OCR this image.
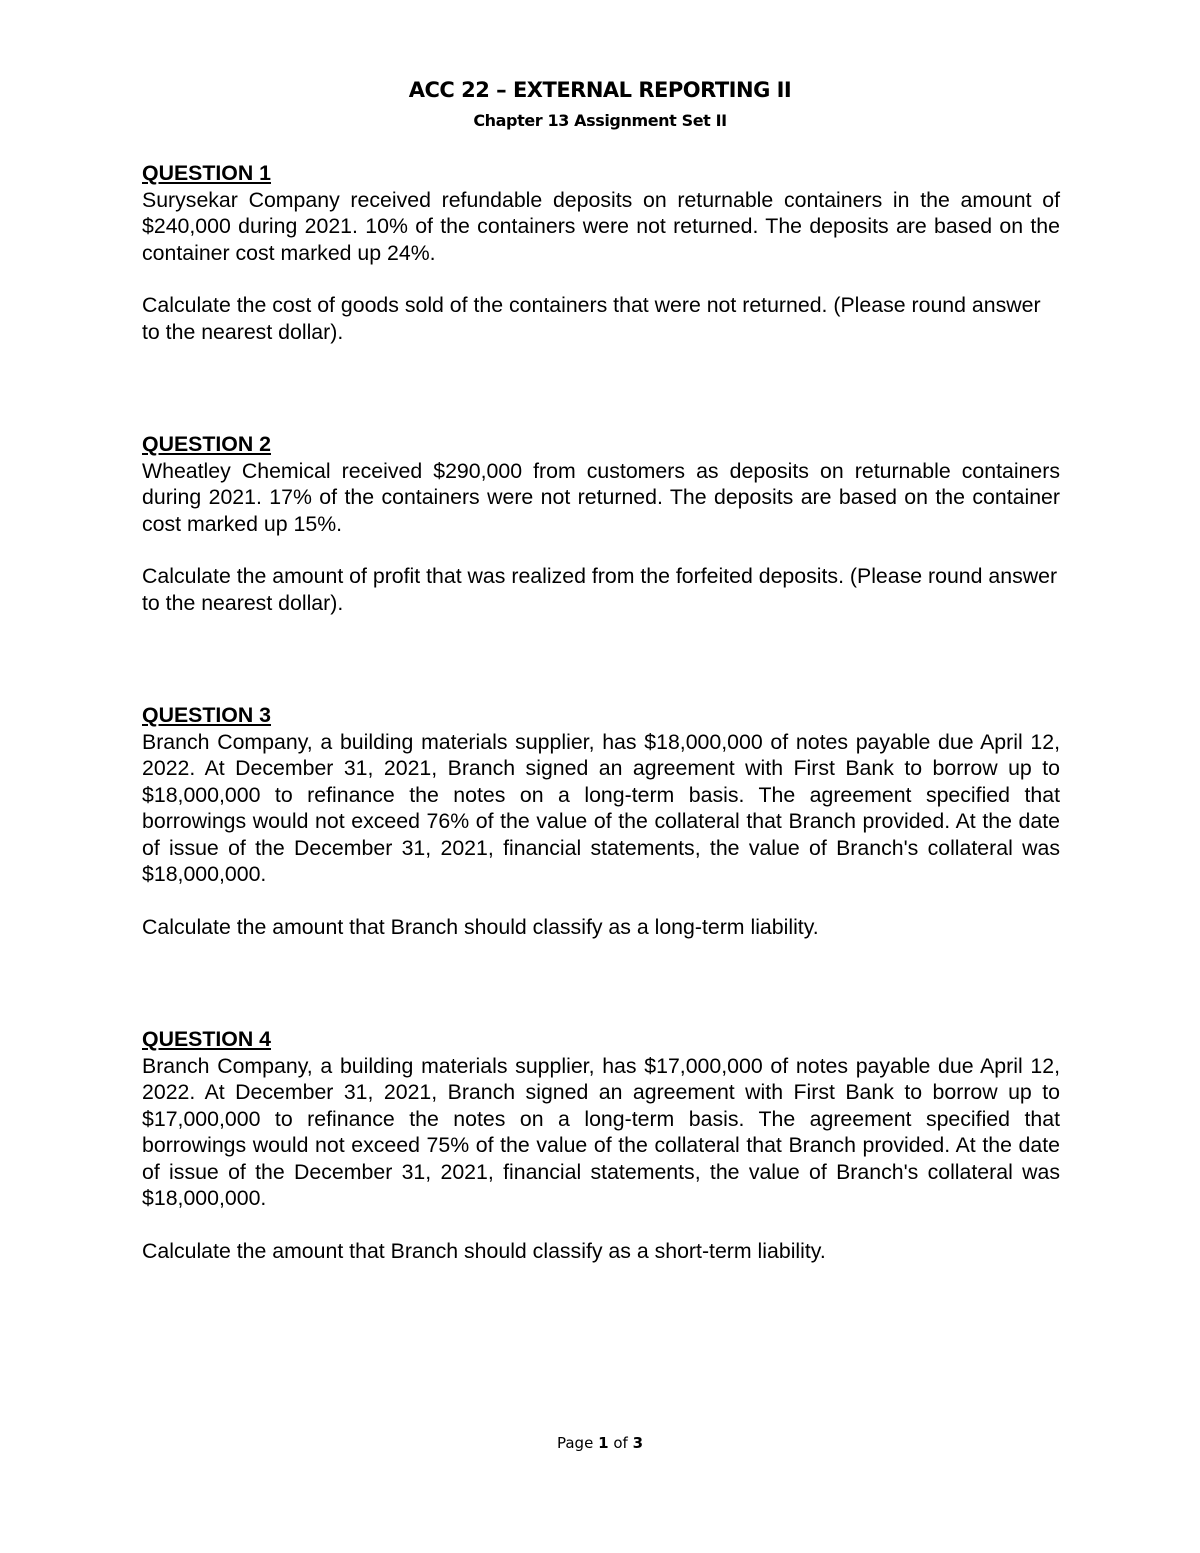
ACC 22 – EXTERNAL REPORTING II
Chapter 13 Assignment Set II

QUESTION 1

Surysekar Company received refundable deposits on returnable containers in the amount of $240,000 during 2021. 10% of the containers were not returned. The deposits are based on the container cost marked up 24%.

Calculate the cost of goods sold of the containers that were not returned. (Please round answer to the nearest dollar).

QUESTION 2

Wheatley Chemical received $290,000 from customers as deposits on returnable containers during 2021. 17% of the containers were not returned. The deposits are based on the container cost marked up 15%.

Calculate the amount of profit that was realized from the forfeited deposits. (Please round answer to the nearest dollar).

QUESTION 3

Branch Company, a building materials supplier, has $18,000,000 of notes payable due April 12, 2022. At December 31, 2021, Branch signed an agreement with First Bank to borrow up to $18,000,000 to refinance the notes on a long-term basis. The agreement specified that borrowings would not exceed 76% of the value of the collateral that Branch provided. At the date of issue of the December 31, 2021, financial statements, the value of Branch's collateral was $18,000,000.

Calculate the amount that Branch should classify as a long-term liability.

QUESTION 4

Branch Company, a building materials supplier, has $17,000,000 of notes payable due April 12, 2022. At December 31, 2021, Branch signed an agreement with First Bank to borrow up to $17,000,000 to refinance the notes on a long-term basis. The agreement specified that borrowings would not exceed 75% of the value of the collateral that Branch provided. At the date of issue of the December 31, 2021, financial statements, the value of Branch's collateral was $18,000,000.

Calculate the amount that Branch should classify as a short-term liability.

Page 1 of 3
